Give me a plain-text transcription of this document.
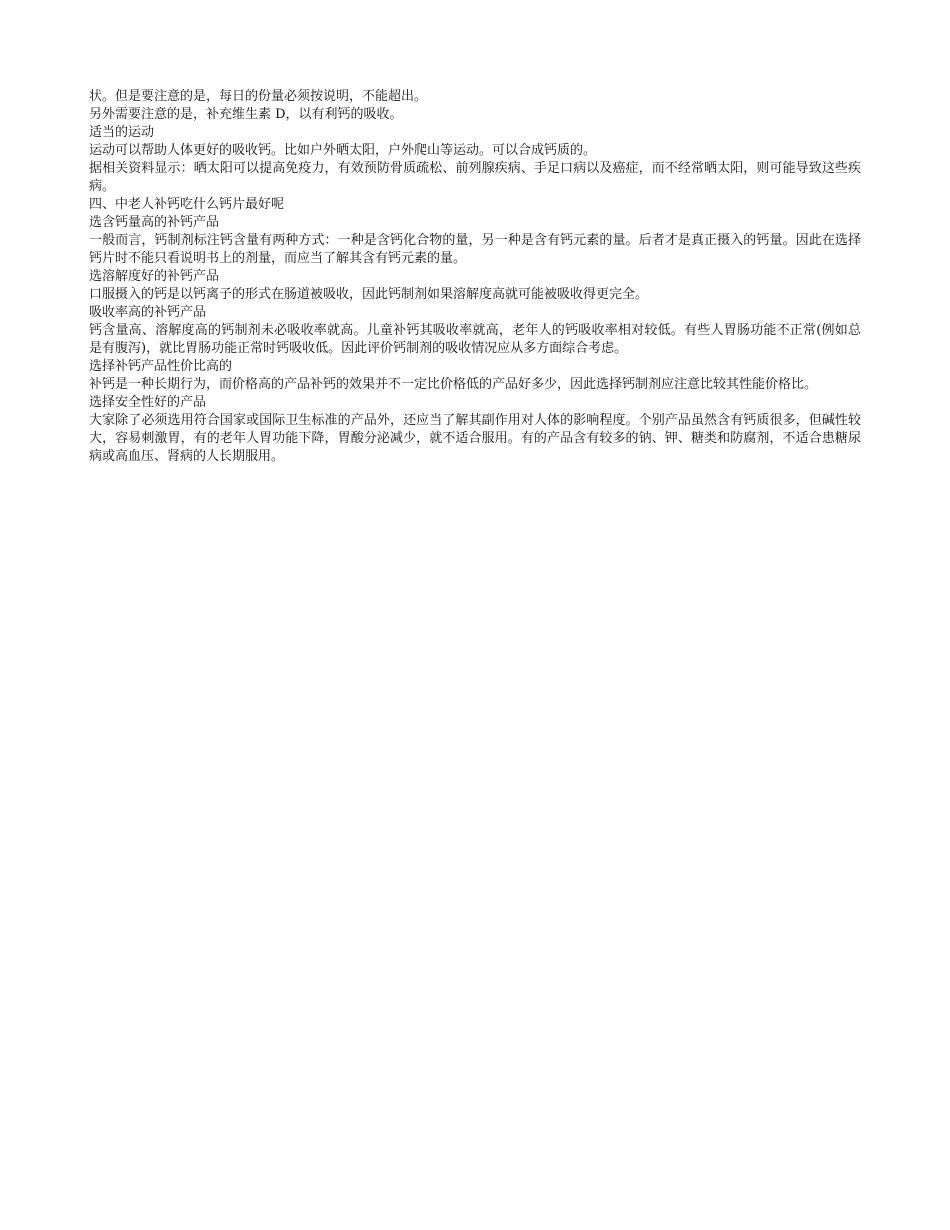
状。但是要注意的是，每日的份量必须按说明，不能超出。

另外需要注意的是，补充维生素 D，以有利钙的吸收。

适当的运动

运动可以帮助人体更好的吸收钙。比如户外晒太阳，户外爬山等运动。可以合成钙质的。

据相关资料显示：晒太阳可以提高免疫力，有效预防骨质疏松、前列腺疾病、手足口病以及癌症，而不经常晒太阳，则可能导致这些疾病。

四、中老人补钙吃什么钙片最好呢

选含钙量高的补钙产品

一般而言，钙制剂标注钙含量有两种方式：一种是含钙化合物的量，另一种是含有钙元素的量。后者才是真正摄入的钙量。因此在选择钙片时不能只看说明书上的剂量，而应当了解其含有钙元素的量。

选溶解度好的补钙产品

口服摄入的钙是以钙离子的形式在肠道被吸收，因此钙制剂如果溶解度高就可能被吸收得更完全。

吸收率高的补钙产品

钙含量高、溶解度高的钙制剂未必吸收率就高。儿童补钙其吸收率就高，老年人的钙吸收率相对较低。有些人胃肠功能不正常(例如总是有腹泻)，就比胃肠功能正常时钙吸收低。因此评价钙制剂的吸收情况应从多方面综合考虑。

选择补钙产品性价比高的

补钙是一种长期行为，而价格高的产品补钙的效果并不一定比价格低的产品好多少，因此选择钙制剂应注意比较其性能价格比。

选择安全性好的产品

大家除了必须选用符合国家或国际卫生标准的产品外，还应当了解其副作用对人体的影响程度。个别产品虽然含有钙质很多，但碱性较大，容易刺激胃，有的老年人胃功能下降，胃酸分泌减少，就不适合服用。有的产品含有较多的钠、钾、糖类和防腐剂，不适合患糖尿病或高血压、肾病的人长期服用。
